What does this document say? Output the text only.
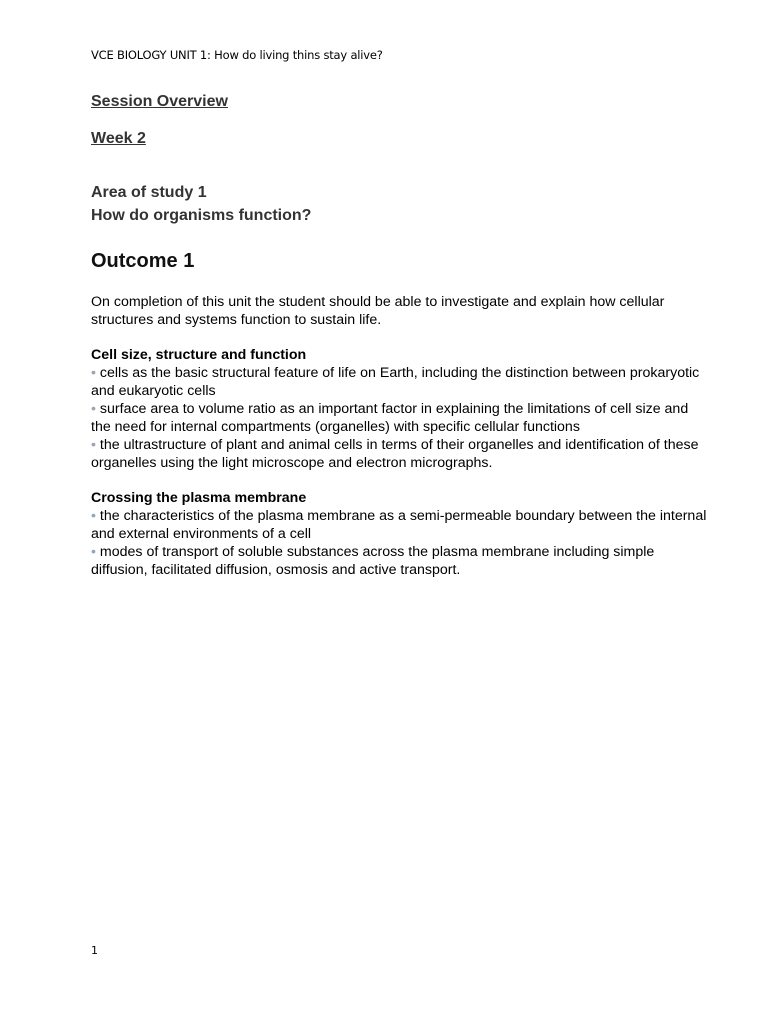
VCE BIOLOGY UNIT 1: How do living thins stay alive?

Session Overview

Week 2

Area of study 1
How do organisms function?

Outcome 1

On completion of this unit the student should be able to investigate and explain how cellular structures and systems function to sustain life.

Cell size, structure and function

• cells as the basic structural feature of life on Earth, including the distinction between prokaryotic and eukaryotic cells

• surface area to volume ratio as an important factor in explaining the limitations of cell size and the need for internal compartments (organelles) with specific cellular functions

• the ultrastructure of plant and animal cells in terms of their organelles and identification of these organelles using the light microscope and electron micrographs.

Crossing the plasma membrane

• the characteristics of the plasma membrane as a semi-permeable boundary between the internal and external environments of a cell

• modes of transport of soluble substances across the plasma membrane including simple diffusion, facilitated diffusion, osmosis and active transport.

1
